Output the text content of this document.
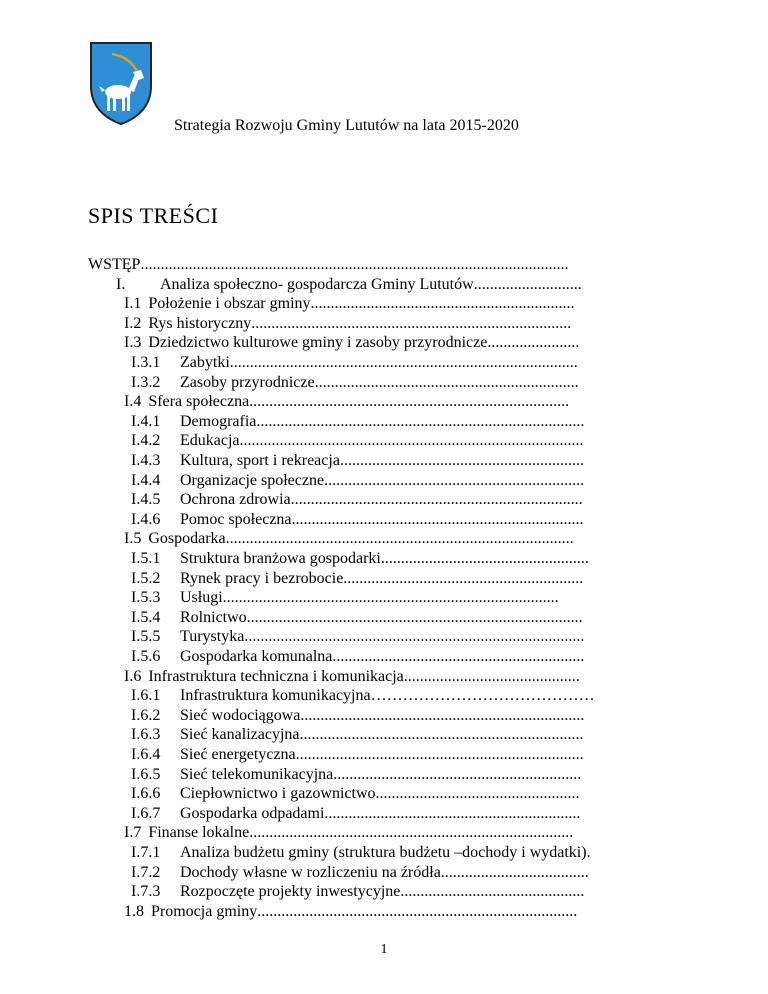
Strategia Rozwoju Gminy Lututów na lata 2015-2020
SPIS TREŚCI
WSTĘP...........................................................................................................
I. Analiza społeczno- gospodarcza Gminy Lututów...........................
I.1 Położenie i obszar gminy..................................................................
I.2 Rys historyczny................................................................................
I.3 Dziedzictwo kulturowe gminy i zasoby przyrodnicze.......................
I.3.1 Zabytki.......................................................................................
I.3.2 Zasoby przyrodnicze..................................................................
I.4 Sfera społeczna................................................................................
I.4.1 Demografia..................................................................................
I.4.2 Edukacja......................................................................................
I.4.3 Kultura, sport i rekreacja.............................................................
I.4.4 Organizacje społeczne.................................................................
I.4.5 Ochrona zdrowia.........................................................................
I.4.6 Pomoc społeczna.........................................................................
I.5 Gospodarka.......................................................................................
I.5.1 Struktura branżowa gospodarki....................................................
I.5.2 Rynek pracy i bezrobocie............................................................
I.5.3 Usługi....................................................................................
I.5.4 Rolnictwo....................................................................................
I.5.5 Turystyka.....................................................................................
I.5.6 Gospodarka komunalna...............................................................
I.6 Infrastruktura techniczna i komunikacja............................................
I.6.1 Infrastruktura komunikacyjna……………………………………
I.6.2 Sieć wodociągowa.......................................................................
I.6.3 Sieć kanalizacyjna.......................................................................
I.6.4 Sieć energetyczna........................................................................
I.6.5 Sieć telekomunikacyjna..............................................................
I.6.6 Ciepłownictwo i gazownictwo...................................................
I.6.7 Gospodarka odpadami................................................................
I.7 Finanse lokalne.................................................................................
I.7.1 Analiza budżetu gminy (struktura budżetu –dochody i wydatki).
I.7.2 Dochody własne w rozliczeniu na źródła.....................................
I.7.3 Rozpoczęte projekty inwestycyjne..............................................
1.8 Promocja gminy................................................................................
1
